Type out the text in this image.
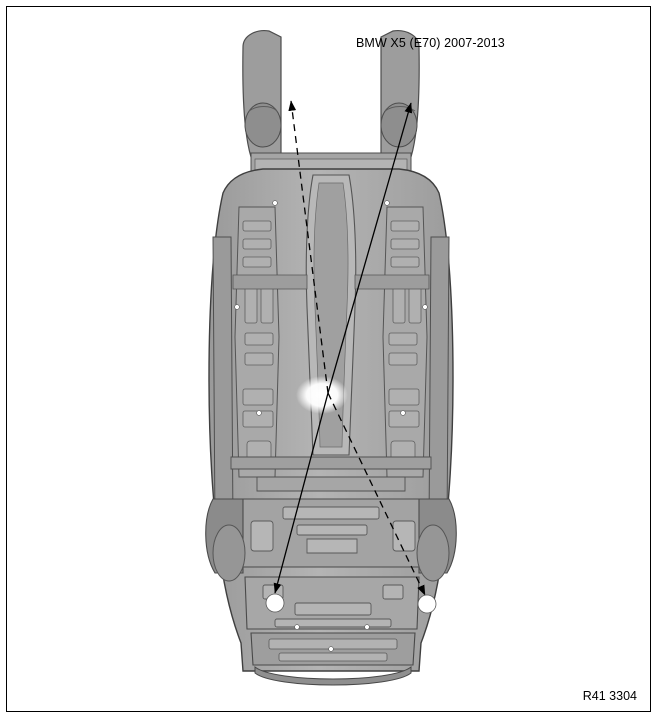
BMW X5 (E70) 2007-2013
R41 3304
